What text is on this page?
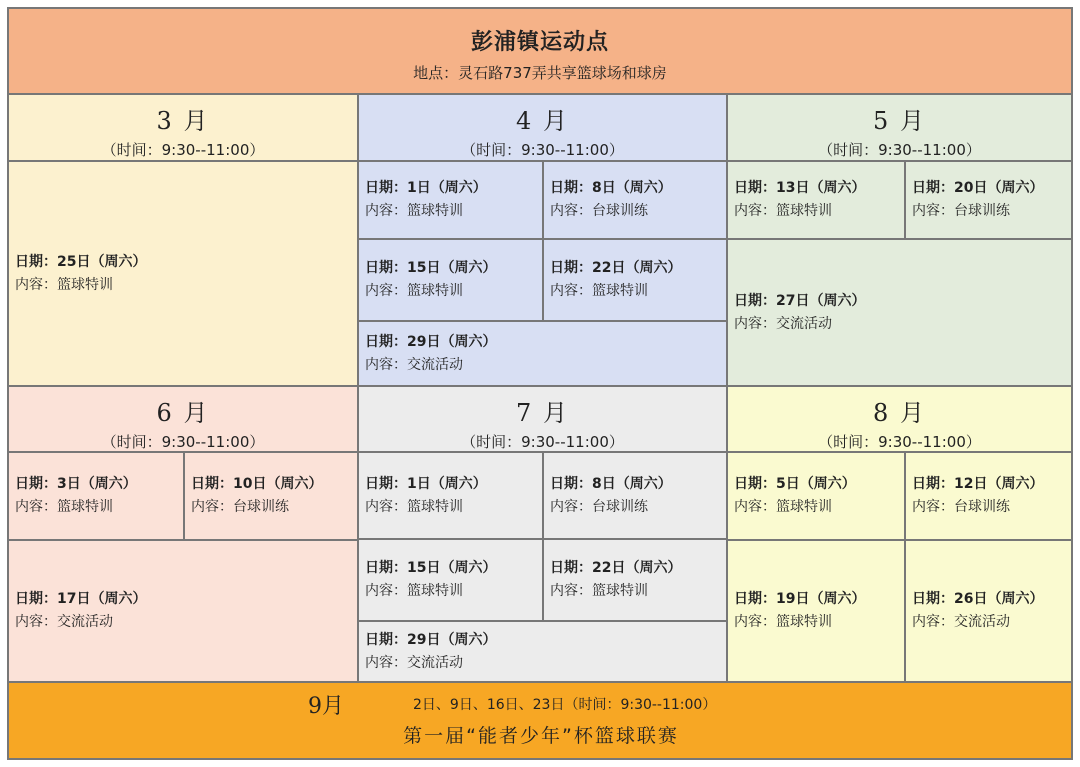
彭浦镇运动点
地点：灵石路737弄共享篮球场和球房
3 月
（时间：9:30--11:00）
日期：25日（周六）
内容：篮球特训
4 月
（时间：9:30--11:00）
日期：1日（周六）
内容：篮球特训
日期：8日（周六）
内容：台球训练
日期：15日（周六）
内容：篮球特训
日期：22日（周六）
内容：篮球特训
日期：29日（周六）
内容：交流活动
5 月
（时间：9:30--11:00）
日期：13日（周六）
内容：篮球特训
日期：20日（周六）
内容：台球训练
日期：27日（周六）
内容：交流活动
6 月
（时间：9:30--11:00）
日期：3日（周六）
内容：篮球特训
日期：10日（周六）
内容：台球训练
日期：17日（周六）
内容：交流活动
7 月
（时间：9:30--11:00）
日期：1日（周六）
内容：篮球特训
日期：8日（周六）
内容：台球训练
日期：15日（周六）
内容：篮球特训
日期：22日（周六）
内容：篮球特训
日期：29日（周六）
内容：交流活动
8 月
（时间：9:30--11:00）
日期：5日（周六）
内容：篮球特训
日期：12日（周六）
内容：台球训练
日期：19日（周六）
内容：篮球特训
日期：26日（周六）
内容：交流活动
9月	2日、9日、16日、23日（时间：9:30--11:00）
第一届“能者少年”杯篮球联赛
